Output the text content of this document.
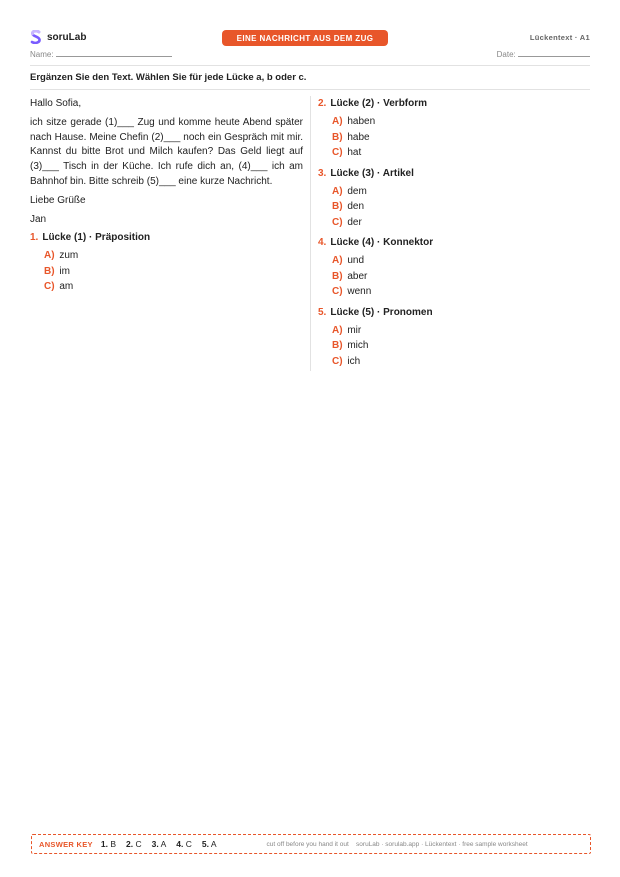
soruLab	EINE NACHRICHT AUS DEM ZUG	Lückentext · A1
Name:	Date:
Ergänzen Sie den Text. Wählen Sie für jede Lücke a, b oder c.

Hallo Sofia,

ich sitze gerade (1)___ Zug und komme heute Abend später nach Hause. Meine Chefin (2)___ noch ein Gespräch mit mir. Kannst du bitte Brot und Milch kaufen? Das Geld liegt auf (3)___ Tisch in der Küche. Ich rufe dich an, (4)___ ich am Bahnhof bin. Bitte schreib (5)___ eine kurze Nachricht.

Liebe Grüße

Jan

1. Lücke (1) · Präposition
A) zum
B) im
C) am
2. Lücke (2) · Verbform
A) haben
B) habe
C) hat
3. Lücke (3) · Artikel
A) dem
B) den
C) der
4. Lücke (4) · Konnektor
A) und
B) aber
C) wenn
5. Lücke (5) · Pronomen
A) mir
B) mich
C) ich
ANSWER KEY 1. B 2. C 3. A 4. C 5. A	cut off before you hand it out    soruLab · sorulab.app · Lückentext · free sample worksheet
